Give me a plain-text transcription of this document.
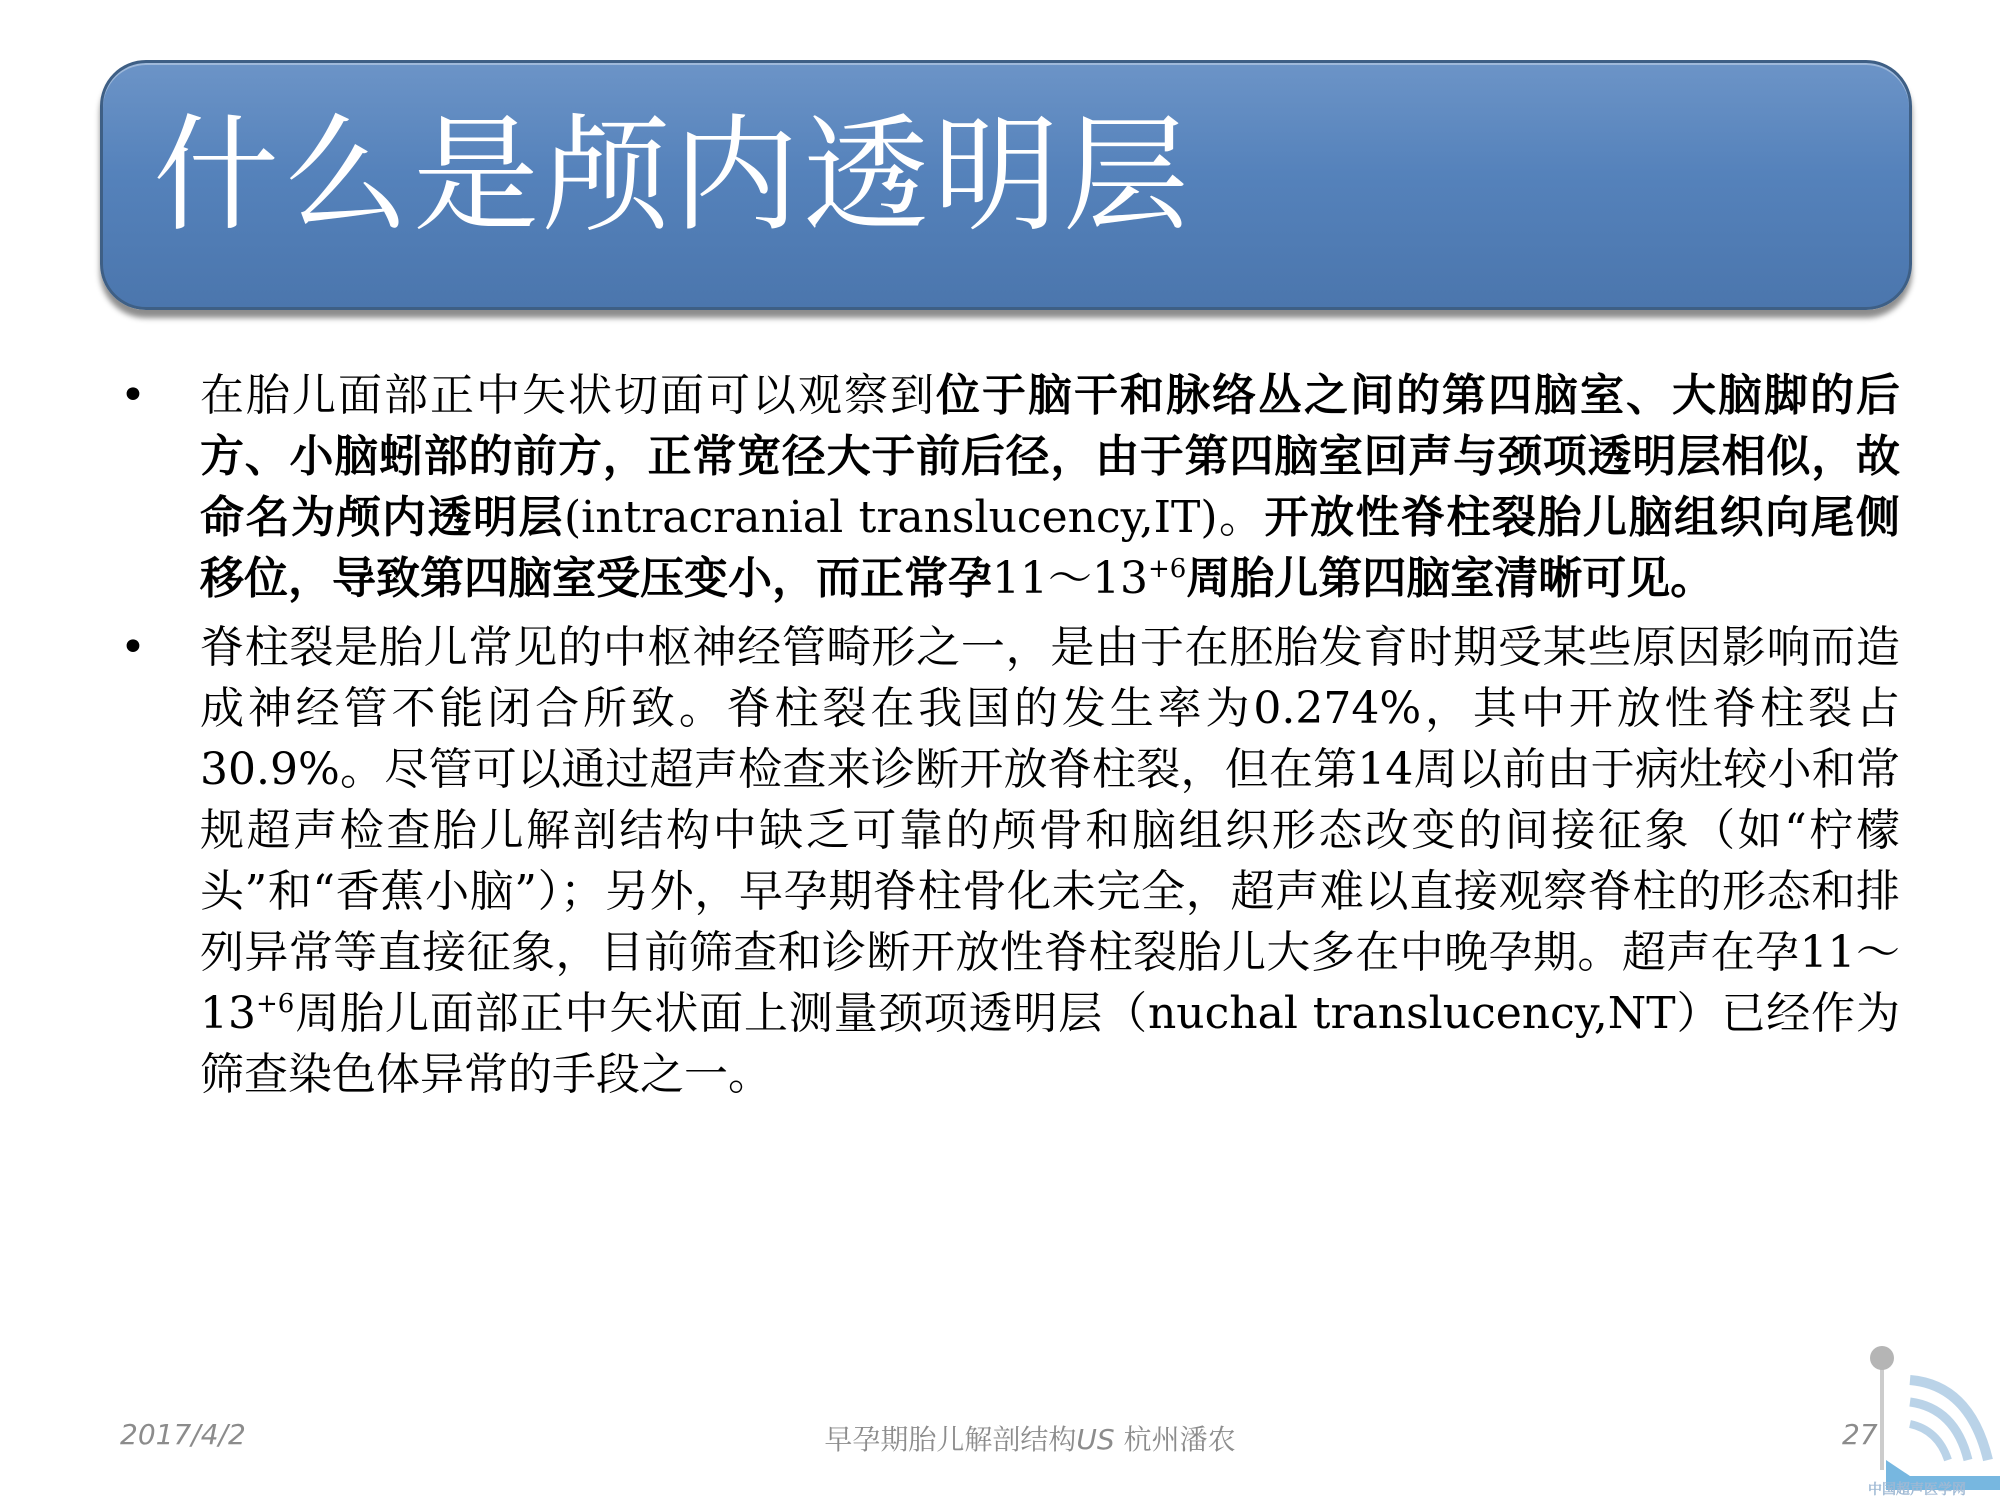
什么是颅内透明层
•	在胎儿面部正中矢状切面可以观察到位于脑干和脉络丛之间的第四脑室、大脑脚的后方、小脑蚓部的前方，正常宽径大于前后径，由于第四脑室回声与颈项透明层相似，故命名为颅内透明层(intracranial translucency,IT)。开放性脊柱裂胎儿脑组织向尾侧移位，导致第四脑室受压变小，而正常孕$11\sim 13^{+6}$周胎儿第四脑室清晰可见。
•	脊柱裂是胎儿常见的中枢神经管畸形之一，是由于在胚胎发育时期受某些原因影响而造成神经管不能闭合所致。脊柱裂在我国的发生率为0.274%，其中开放性脊柱裂占30.9%。尽管可以通过超声检查来诊断开放脊柱裂，但在第14周以前由于病灶较小和常规超声检查胎儿解剖结构中缺乏可靠的颅骨和脑组织形态改变的间接征象（如“柠檬头”和“香蕉小脑”）；另外，早孕期脊柱骨化未完全，超声难以直接观察脊柱的形态和排列异常等直接征象，目前筛查和诊断开放性脊柱裂胎儿大多在中晚孕期。超声在孕$11\sim 13^{+6}$周胎儿面部正中矢状面上测量颈项透明层（nuchal translucency,NT）已经作为筛查染色体异常的手段之一。
2017/4/2	早孕期胎儿解剖结构US 杭州潘农	27
中国超声医学网
